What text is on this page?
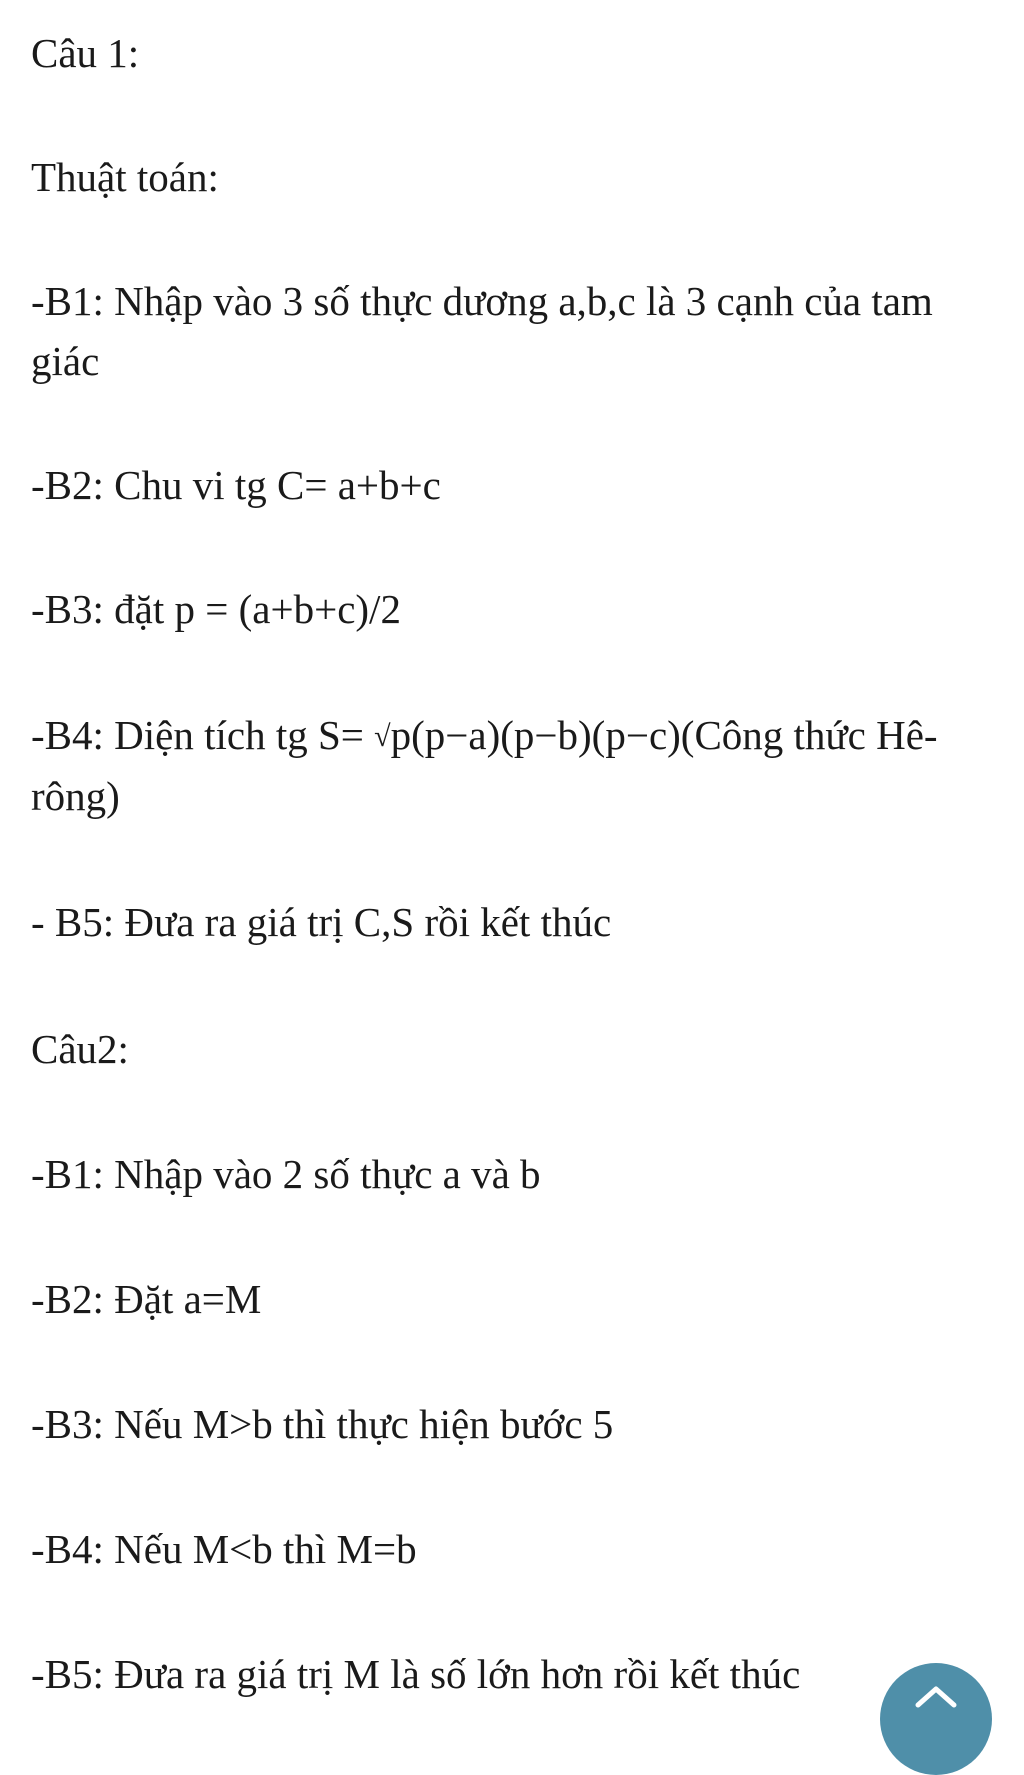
Câu 1:
Thuật toán:
-B1: Nhập vào 3 số thực dương a,b,c là 3 cạnh của tam
giác
-B2: Chu vi tg C= a+b+c
-B3: đặt p = (a+b+c)/2
-B4: Diện tích tg S= √p(p−a)(p−b)(p−c)(Công thức Hê-
rông)
- B5: Đưa ra giá trị C,S rồi kết thúc
Câu2:
-B1: Nhập vào 2 số thực a và b
-B2: Đặt a=M
-B3: Nếu M>b thì thực hiện bước 5
-B4: Nếu M<b thì M=b
-B5: Đưa ra giá trị M là số lớn hơn rồi kết thúc
